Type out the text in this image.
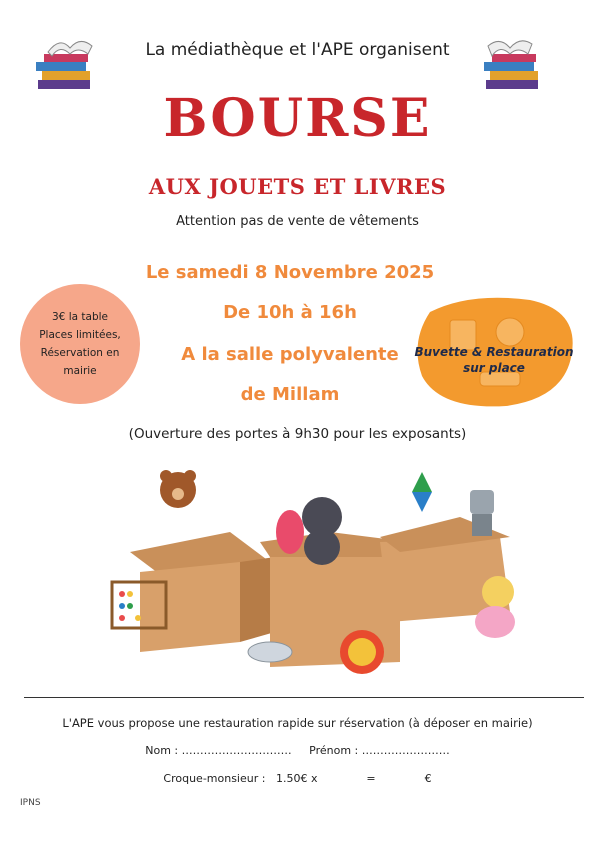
La médiathèque et l'APE organisent
BOURSE
AUX JOUETS ET LIVRES
Attention pas de vente de vêtements
Le samedi 8 Novembre 2025
De 10h à 16h
A la salle polyvalente
de Millam
(Ouverture des portes à 9h30 pour les exposants)
3€ la table
Places limitées,
Réservation en
mairie
Buvette & Restauration
sur place
L'APE vous propose une restauration rapide sur réservation (à déposer en mairie)
Nom : ………………………… Prénom : ……………………
Croque-monsieur : 1.50€ x	=	€
IPNS
